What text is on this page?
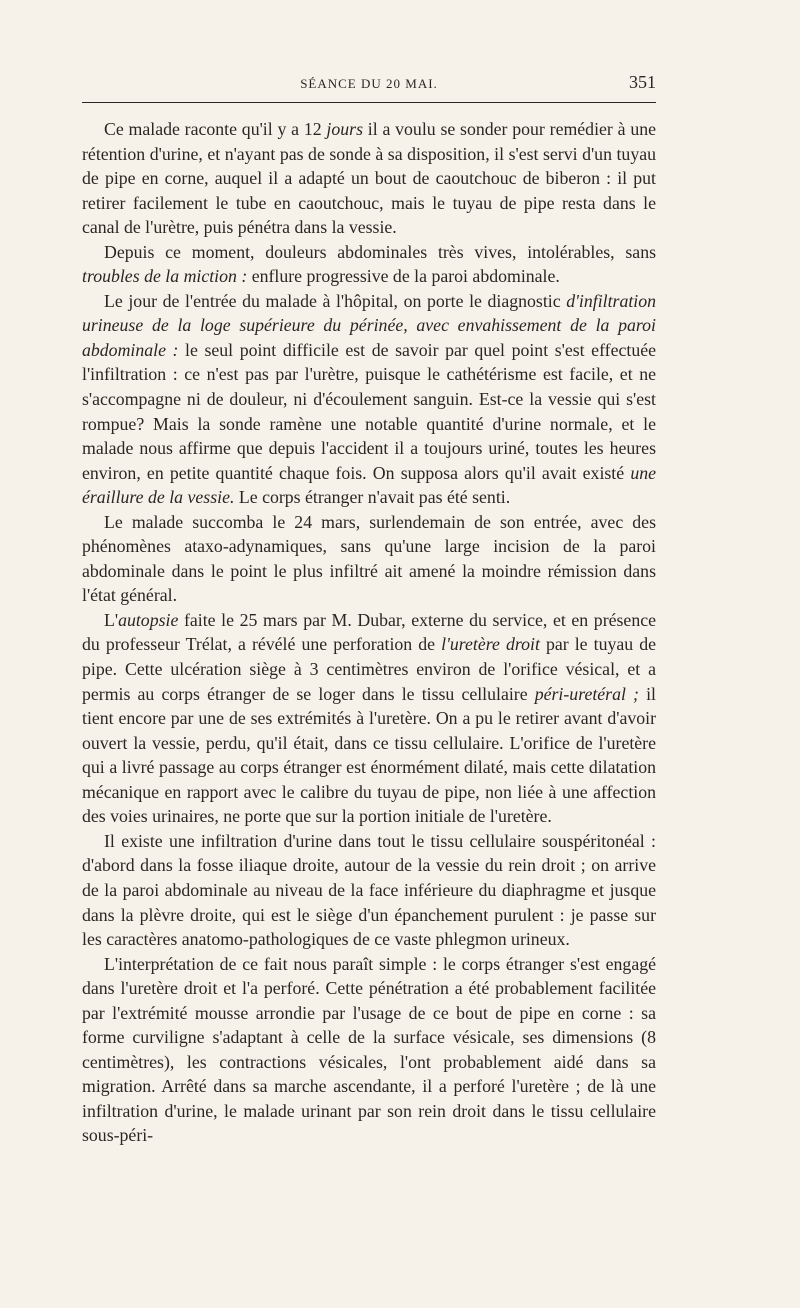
SÉANCE DU 20 MAI.	351

Ce malade raconte qu'il y a 12 jours il a voulu se sonder pour remédier à une rétention d'urine, et n'ayant pas de sonde à sa disposition, il s'est servi d'un tuyau de pipe en corne, auquel il a adapté un bout de caoutchouc de biberon : il put retirer facilement le tube en caoutchouc, mais le tuyau de pipe resta dans le canal de l'urètre, puis pénétra dans la vessie.

Depuis ce moment, douleurs abdominales très vives, intolérables, sans troubles de la miction : enflure progressive de la paroi abdominale.

Le jour de l'entrée du malade à l'hôpital, on porte le diagnostic d'infiltration urineuse de la loge supérieure du périnée, avec envahissement de la paroi abdominale : le seul point difficile est de savoir par quel point s'est effectuée l'infiltration : ce n'est pas par l'urètre, puisque le cathétérisme est facile, et ne s'accompagne ni de douleur, ni d'écoulement sanguin. Est-ce la vessie qui s'est rompue? Mais la sonde ramène une notable quantité d'urine normale, et le malade nous affirme que depuis l'accident il a toujours uriné, toutes les heures environ, en petite quantité chaque fois. On supposa alors qu'il avait existé une éraillure de la vessie. Le corps étranger n'avait pas été senti.

Le malade succomba le 24 mars, surlendemain de son entrée, avec des phénomènes ataxo-adynamiques, sans qu'une large incision de la paroi abdominale dans le point le plus infiltré ait amené la moindre rémission dans l'état général.

L'autopsie faite le 25 mars par M. Dubar, externe du service, et en présence du professeur Trélat, a révélé une perforation de l'uretère droit par le tuyau de pipe. Cette ulcération siège à 3 centimètres environ de l'orifice vésical, et a permis au corps étranger de se loger dans le tissu cellulaire péri-uretéral ; il tient encore par une de ses extrémités à l'uretère. On a pu le retirer avant d'avoir ouvert la vessie, perdu, qu'il était, dans ce tissu cellulaire. L'orifice de l'uretère qui a livré passage au corps étranger est énormément dilaté, mais cette dilatation mécanique en rapport avec le calibre du tuyau de pipe, non liée à une affection des voies urinaires, ne porte que sur la portion initiale de l'uretère.

Il existe une infiltration d'urine dans tout le tissu cellulaire souspéritonéal : d'abord dans la fosse iliaque droite, autour de la vessie du rein droit ; on arrive de la paroi abdominale au niveau de la face inférieure du diaphragme et jusque dans la plèvre droite, qui est le siège d'un épanchement purulent : je passe sur les caractères anatomo-pathologiques de ce vaste phlegmon urineux.

L'interprétation de ce fait nous paraît simple : le corps étranger s'est engagé dans l'uretère droit et l'a perforé. Cette pénétration a été probablement facilitée par l'extrémité mousse arrondie par l'usage de ce bout de pipe en corne : sa forme curviligne s'adaptant à celle de la surface vésicale, ses dimensions (8 centimètres), les contractions vésicales, l'ont probablement aidé dans sa migration. Arrêté dans sa marche ascendante, il a perforé l'uretère ; de là une infiltration d'urine, le malade urinant par son rein droit dans le tissu cellulaire sous-péri-
